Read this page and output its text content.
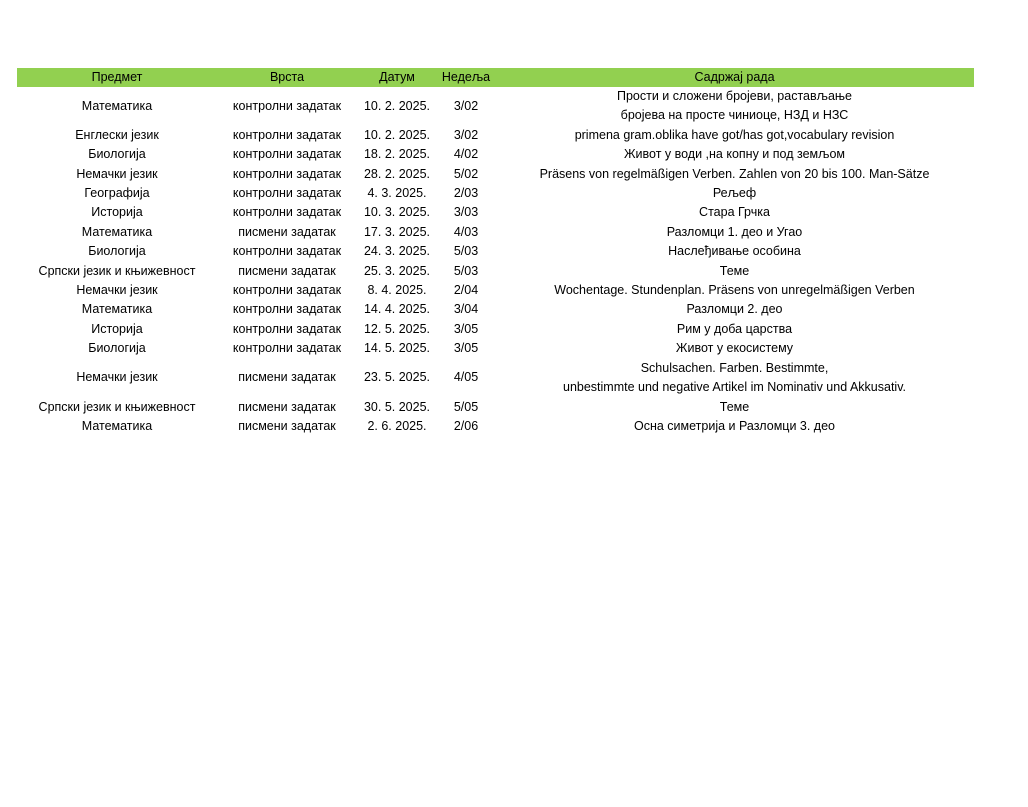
Предмет	Врста	Датум	Недеља	Садржај рада
Математика	контролни задатак	10. 2. 2025.	3/02	Прости и сложени бројеви, растављање
бројева на просте чиниоце, НЗД и НЗС

Енглески језик	контролни задатак	10. 2. 2025.	3/02	primena gram.oblika have got/has got,vocabulary revision

Биологија	контролни задатак	18. 2. 2025.	4/02	Живот у води ,на копну и под земљом

Немачки језик	контролни задатак	28. 2. 2025.	5/02	Präsens von regelmäßigen Verben. Zahlen von 20 bis 100. Man-Sätze

Географија	контролни задатак	4. 3. 2025.	2/03	Рељеф

Историја	контролни задатак	10. 3. 2025.	3/03	Стара Грчка

Математика	писмени задатак	17. 3. 2025.	4/03	Разломци 1. део и Угао

Биологија	контролни задатак	24. 3. 2025.	5/03	Наслеђивање особина

Српски језик и књижевност	писмени задатак	25. 3. 2025.	5/03	Теме

Немачки језик	контролни задатак	8. 4. 2025.	2/04	Wochentage. Stundenplan. Präsens von unregelmäßigen Verben

Математика	контролни задатак	14. 4. 2025.	3/04	Разломци 2. део

Историја	контролни задатак	12. 5. 2025.	3/05	Рим у доба царства

Биологија	контролни задатак	14. 5. 2025.	3/05	Живот у екосистему

Немачки језик	писмени задатак	23. 5. 2025.	4/05	Schulsachen. Farben. Bestimmte,
unbestimmte und negative Artikel im Nominativ und Akkusativ.

Српски језик и књижевност	писмени задатак	30. 5. 2025.	5/05	Теме

Математика	писмени задатак	2. 6. 2025.	2/06	Осна симетрија и Разломци 3. део
